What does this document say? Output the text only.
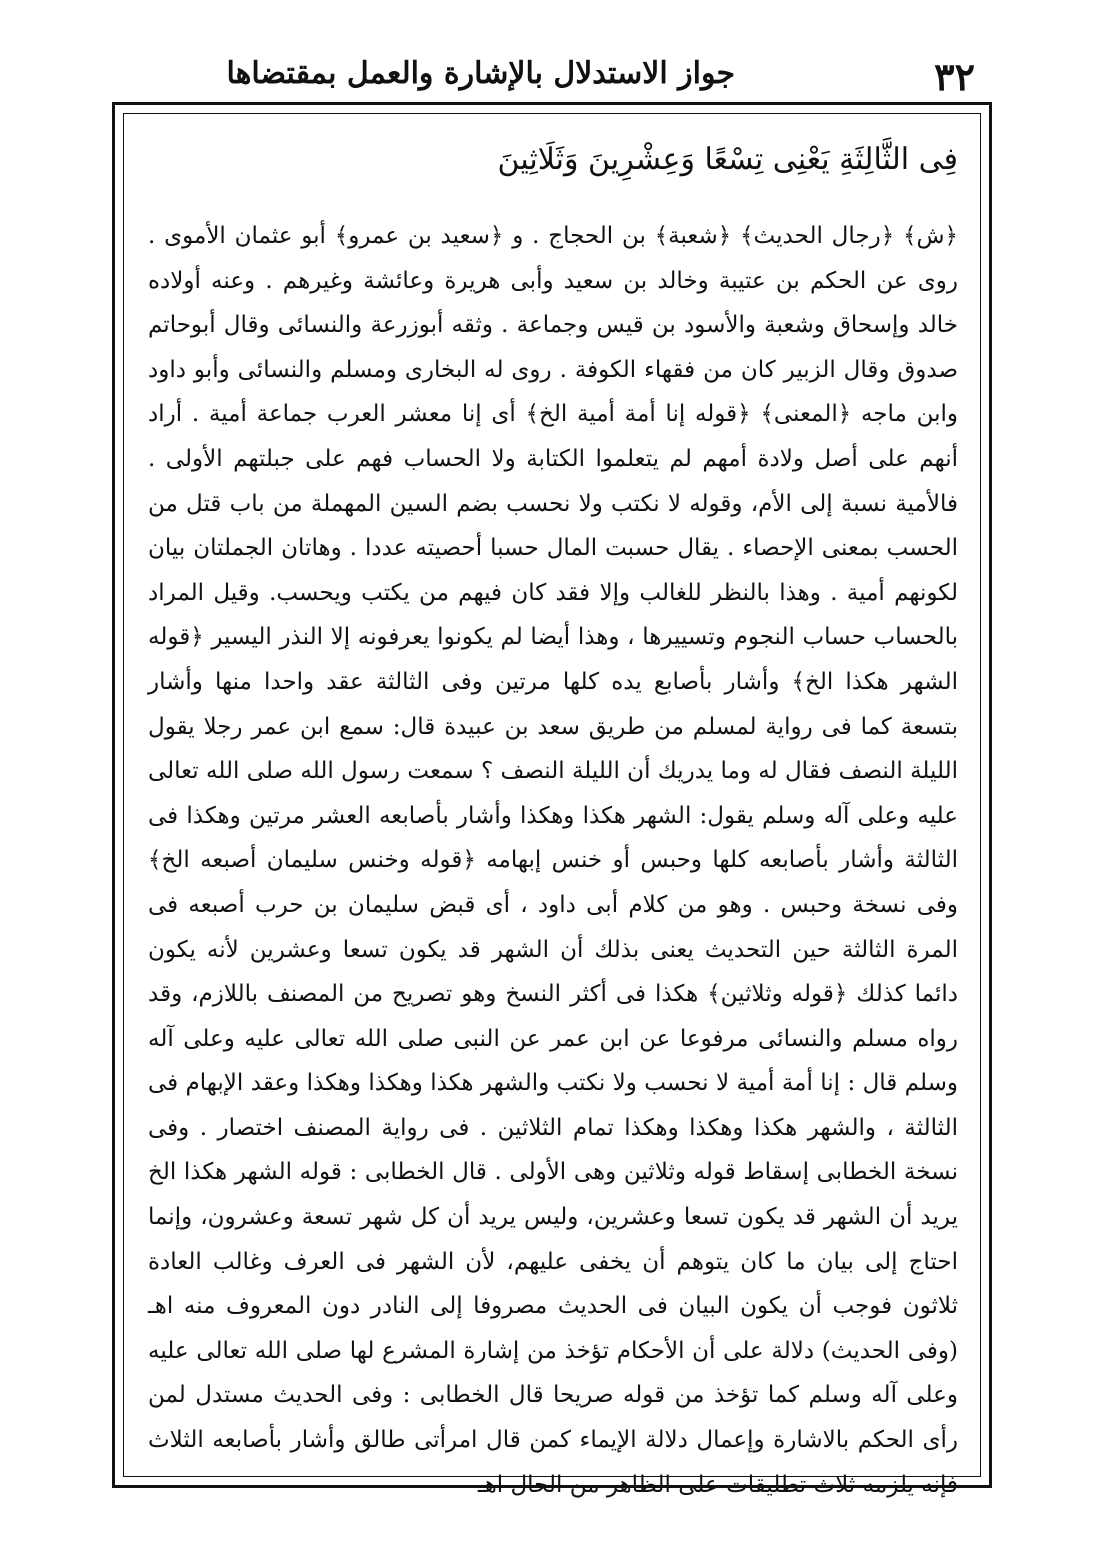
٣٢
جواز الاستدلال بالإشارة والعمل بمقتضاها
فِى الثَّالِثَةِ يَعْنِى تِسْعًا وَعِشْرِينَ وَثَلَاثِينَ

﴿ش﴾ ﴿رجال الحديث﴾ ﴿شعبة﴾ بن الحجاج . و ﴿سعيد بن عمرو﴾ أبو عثمان الأموى . روى عن الحكم بن عتيبة وخالد بن سعيد وأبى هريرة وعائشة وغيرهم . وعنه أولاده خالد وإسحاق وشعبة والأسود بن قيس وجماعة . وثقه أبوزرعة والنسائى وقال أبوحاتم صدوق وقال الزبير كان من فقهاء الكوفة . روى له البخارى ومسلم والنسائى وأبو داود وابن ماجه ﴿المعنى﴾ ﴿قوله إنا أمة أمية الخ﴾ أى إنا معشر العرب جماعة أمية . أراد أنهم على أصل ولادة أمهم لم يتعلموا الكتابة ولا الحساب فهم على جبلتهم الأولى . فالأمية نسبة إلى الأم، وقوله لا نكتب ولا نحسب بضم السين المهملة من باب قتل من الحسب بمعنى الإحصاء . يقال حسبت المال حسبا أحصيته عددا . وهاتان الجملتان بيان لكونهم أمية . وهذا بالنظر للغالب وإلا فقد كان فيهم من يكتب ويحسب. وقيل المراد بالحساب حساب النجوم وتسييرها ، وهذا أيضا لم يكونوا يعرفونه إلا النذر اليسير ﴿قوله الشهر هكذا الخ﴾ وأشار بأصابع يده كلها مرتين وفى الثالثة عقد واحدا منها وأشار بتسعة كما فى رواية لمسلم من طريق سعد بن عبيدة قال: سمع ابن عمر رجلا يقول الليلة النصف فقال له وما يدريك أن الليلة النصف ؟ سمعت رسول الله صلى الله تعالى عليه وعلى آله وسلم يقول: الشهر هكذا وهكذا وأشار بأصابعه العشر مرتين وهكذا فى الثالثة وأشار بأصابعه كلها وحبس أو خنس إبهامه ﴿قوله وخنس سليمان أصبعه الخ﴾ وفى نسخة وحبس . وهو من كلام أبى داود ، أى قبض سليمان بن حرب أصبعه فى المرة الثالثة حين التحديث يعنى بذلك أن الشهر قد يكون تسعا وعشرين لأنه يكون دائما كذلك ﴿قوله وثلاثين﴾ هكذا فى أكثر النسخ وهو تصريح من المصنف باللازم، وقد رواه مسلم والنسائى مرفوعا عن ابن عمر عن النبى صلى الله تعالى عليه وعلى آله وسلم قال : إنا أمة أمية لا نحسب ولا نكتب والشهر هكذا وهكذا وهكذا وعقد الإبهام فى الثالثة ، والشهر هكذا وهكذا وهكذا تمام الثلاثين . فى رواية المصنف اختصار . وفى نسخة الخطابى إسقاط قوله وثلاثين وهى الأولى . قال الخطابى : قوله الشهر هكذا الخ يريد أن الشهر قد يكون تسعا وعشرين، وليس يريد أن كل شهر تسعة وعشرون، وإنما احتاج إلى بيان ما كان يتوهم أن يخفى عليهم، لأن الشهر فى العرف وغالب العادة ثلاثون فوجب أن يكون البيان فى الحديث مصروفا إلى النادر دون المعروف منه اهـ (وفى الحديث) دلالة على أن الأحكام تؤخذ من إشارة المشرع لها صلى الله تعالى عليه وعلى آله وسلم كما تؤخذ من قوله صريحا قال الخطابى : وفى الحديث مستدل لمن رأى الحكم بالاشارة وإعمال دلالة الإيماء كمن قال امرأتى طالق وأشار بأصابعه الثلاث فإنه يلزمه ثلاث تطليقات على الظاهر من الحال اهـ
